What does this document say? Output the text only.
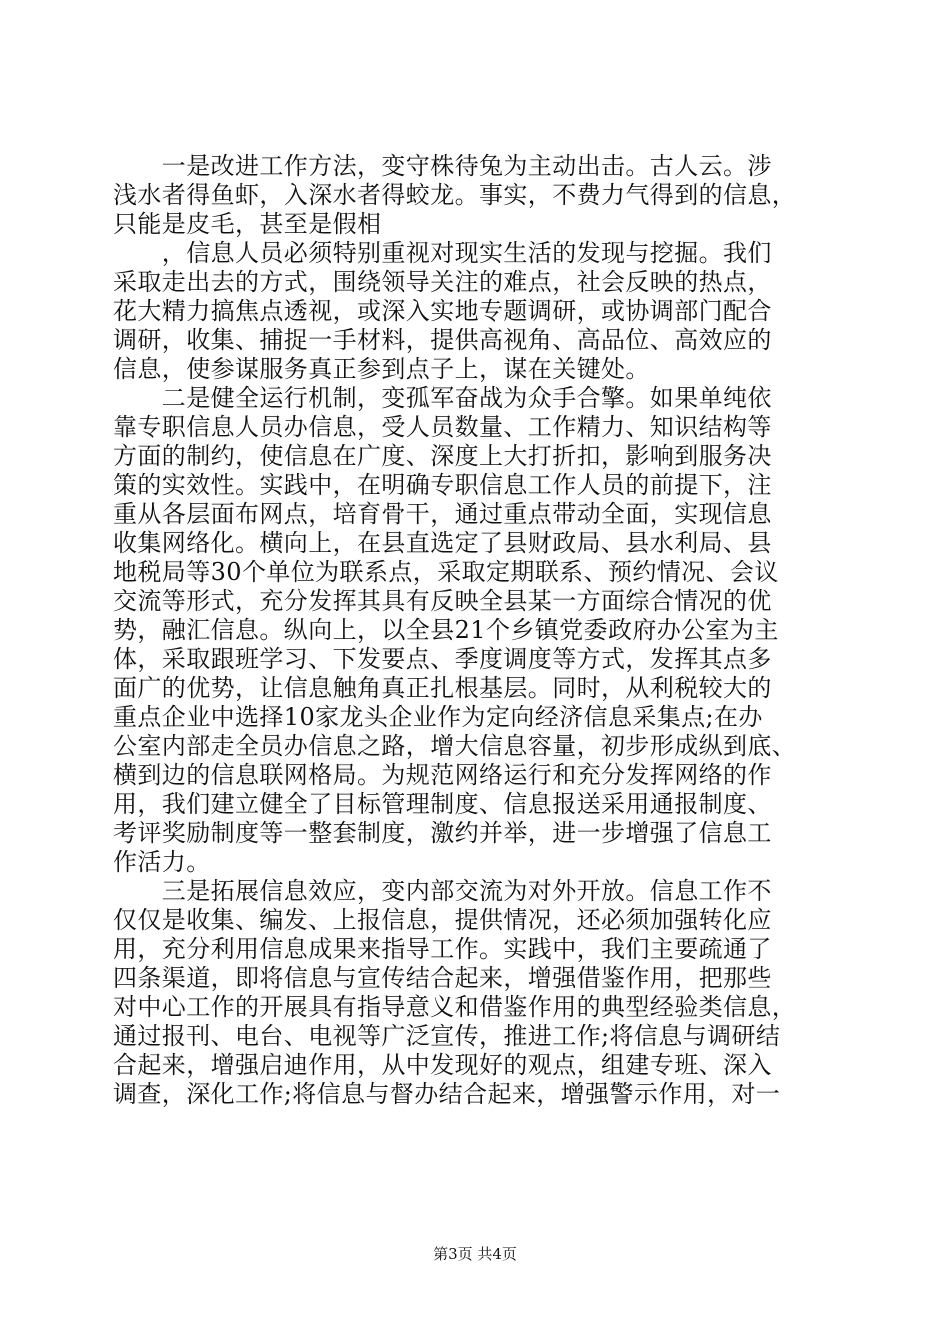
　　一是改进工作方法，变守株待兔为主动出击。古人云。涉
浅水者得鱼虾，入深水者得蛟龙。事实，不费力气得到的信息，
只能是皮毛，甚至是假相
　　，信息人员必须特别重视对现实生活的发现与挖掘。我们
采取走出去的方式，围绕领导关注的难点，社会反映的热点，
花大精力搞焦点透视，或深入实地专题调研，或协调部门配合
调研，收集、捕捉一手材料，提供高视角、高品位、高效应的
信息，使参谋服务真正参到点子上，谋在关键处。
　　二是健全运行机制，变孤军奋战为众手合擎。如果单纯依
靠专职信息人员办信息，受人员数量、工作精力、知识结构等
方面的制约，使信息在广度、深度上大打折扣，影响到服务决
策的实效性。实践中，在明确专职信息工作人员的前提下，注
重从各层面布网点，培育骨干，通过重点带动全面，实现信息
收集网络化。横向上，在县直选定了县财政局、县水利局、县
地税局等30个单位为联系点，采取定期联系、预约情况、会议
交流等形式，充分发挥其具有反映全县某一方面综合情况的优
势，融汇信息。纵向上，以全县21个乡镇党委政府办公室为主
体，采取跟班学习、下发要点、季度调度等方式，发挥其点多
面广的优势，让信息触角真正扎根基层。同时，从利税较大的
重点企业中选择10家龙头企业作为定向经济信息采集点;在办
公室内部走全员办信息之路，增大信息容量，初步形成纵到底、
横到边的信息联网格局。为规范网络运行和充分发挥网络的作
用，我们建立健全了目标管理制度、信息报送采用通报制度、
考评奖励制度等一整套制度，激约并举，进一步增强了信息工
作活力。
　　三是拓展信息效应，变内部交流为对外开放。信息工作不
仅仅是收集、编发、上报信息，提供情况，还必须加强转化应
用，充分利用信息成果来指导工作。实践中，我们主要疏通了
四条渠道，即将信息与宣传结合起来，增强借鉴作用，把那些
对中心工作的开展具有指导意义和借鉴作用的典型经验类信息，
通过报刊、电台、电视等广泛宣传，推进工作;将信息与调研结
合起来，增强启迪作用，从中发现好的观点，组建专班、深入
调查，深化工作;将信息与督办结合起来，增强警示作用，对一
第3页 共4页
